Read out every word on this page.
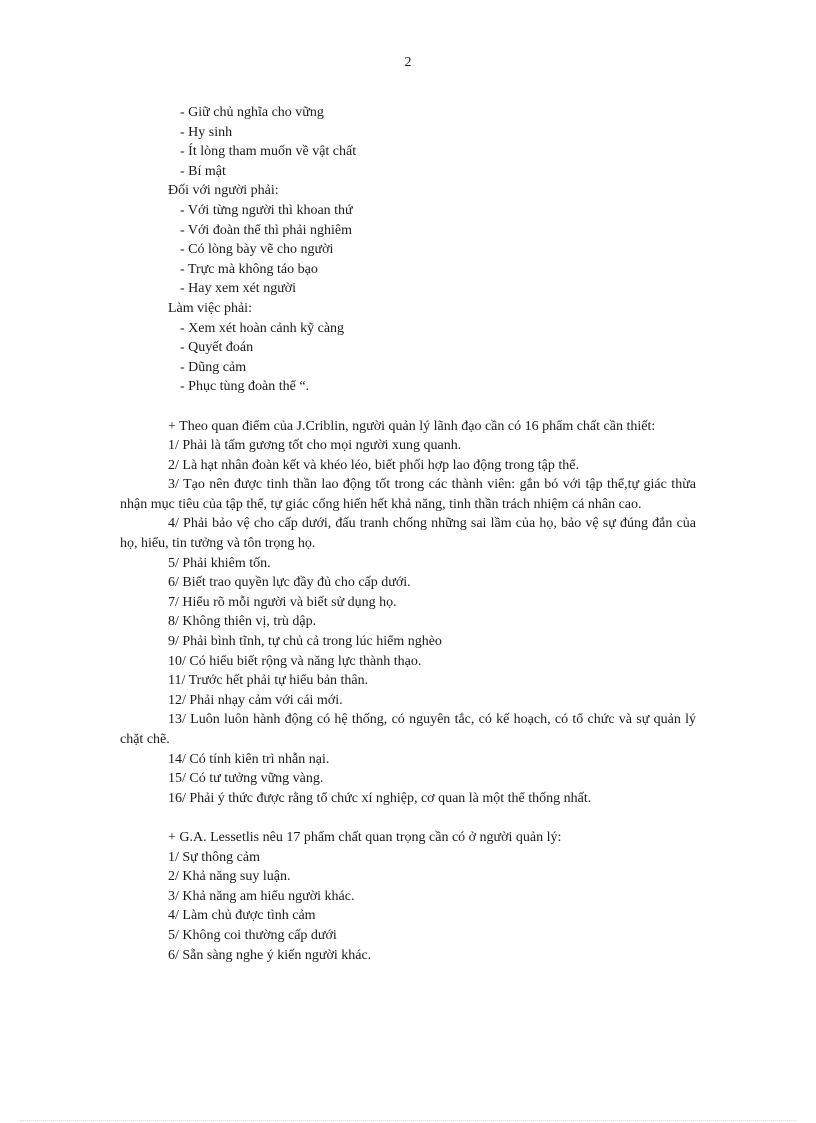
2
- Giữ chủ nghĩa cho vững
- Hy sinh
- Ít lòng tham muốn về vật chất
- Bí mật
Đối với người phải:
- Với từng người thì khoan thứ
- Với đoàn thể thì phải nghiêm
- Có lòng bày vẽ cho người
- Trực mà không táo bạo
- Hay xem xét người
Làm việc phải:
- Xem xét hoàn cảnh kỹ càng
- Quyết đoán
- Dũng cảm
- Phục tùng đoàn thể “.
+ Theo quan điểm của J.Criblin, người quản lý lãnh đạo cần có 16 phẩm chất cần thiết:
1/ Phải là tấm gương tốt cho mọi người xung quanh.
2/ Là hạt nhân đoàn kết và khéo léo, biết phối hợp lao động trong tập thể.
3/ Tạo nên được tinh thần lao động tốt trong các thành viên: gắn bó với tập thể,tự giác thừa nhận mục tiêu của tập thể, tự giác cống hiến hết khả năng, tinh thần trách nhiệm cá nhân cao.
4/ Phải bảo vệ cho cấp dưới, đấu tranh chống những sai lầm của họ, bảo vệ sự đúng đắn của họ, hiểu, tin tưởng và tôn trọng họ.
5/ Phải khiêm tốn.
6/ Biết trao quyền lực đầy đủ cho cấp dưới.
7/ Hiểu rõ mỗi người và biết sử dụng họ.
8/ Không thiên vị, trù dập.
9/ Phải bình tĩnh, tự chủ cả trong lúc hiểm nghèo
10/ Có hiểu biết rộng và năng lực thành thạo.
11/ Trước hết phải tự hiểu bản thân.
12/ Phải nhạy cảm với cái mới.
13/ Luôn luôn hành động có hệ thống, có nguyên tắc, có kế hoạch, có tổ chức và sự quản lý chặt chẽ.
14/ Có tính kiên trì nhẫn nại.
15/ Có tư tưởng vững vàng.
16/ Phải ý thức được rằng tổ chức xí nghiệp, cơ quan là một thể thống nhất.
+ G.A. Lessetlis nêu 17 phẩm chất quan trọng cần có ở người quản lý:
1/ Sự thông cảm
2/ Khả năng suy luận.
3/ Khả năng am hiểu người khác.
4/ Làm chủ được tình cảm
5/ Không coi thường cấp dưới
6/ Sẵn sàng nghe ý kiến người khác.
